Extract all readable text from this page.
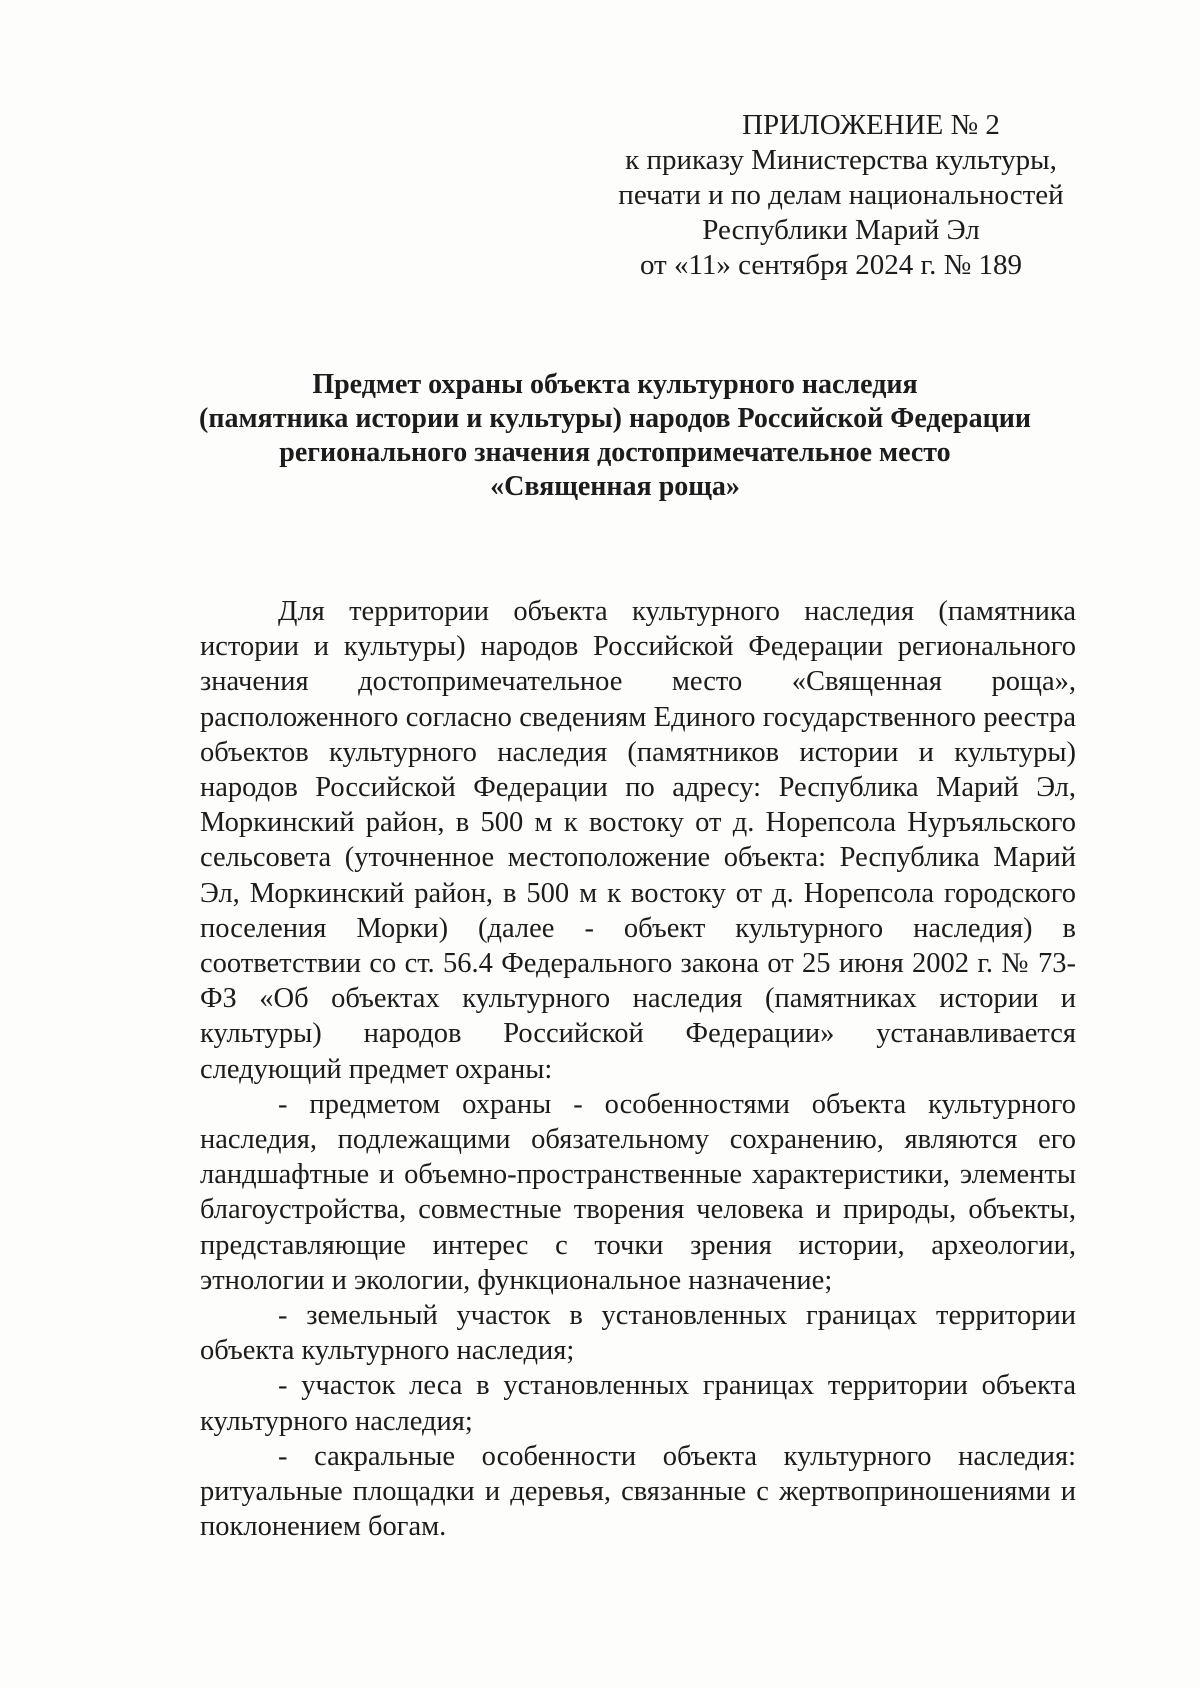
ПРИЛОЖЕНИЕ № 2
к приказу Министерства культуры,
печати и по делам национальностей
Республики Марий Эл
от «11» сентября 2024 г. № 189
Предмет охраны объекта культурного наследия
(памятника истории и культуры) народов Российской Федерации
регионального значения достопримечательное место
«Священная роща»

Для территории объекта культурного наследия (памятника истории и культуры) народов Российской Федерации регионального значения достопримечательное место «Священная роща», расположенного согласно сведениям Единого государственного реестра объектов культурного наследия (памятников истории и культуры) народов Российской Федерации по адресу: Республика Марий Эл, Моркинский район, в 500 м к востоку от д. Норепсола Нуръяльского сельсовета (уточненное местоположение объекта: Республика Марий Эл, Моркинский район, в 500 м к востоку от д. Норепсола городского поселения Морки) (далее - объект культурного наследия) в соответствии со ст. 56.4 Федерального закона от 25 июня 2002 г. № 73-ФЗ «Об объектах культурного наследия (памятниках истории и культуры) народов Российской Федерации» устанавливается следующий предмет охраны:

- предметом охраны - особенностями объекта культурного наследия, подлежащими обязательному сохранению, являются его ландшафтные и объемно-пространственные характеристики, элементы благоустройства, совместные творения человека и природы, объекты, представляющие интерес с точки зрения истории, археологии, этнологии и экологии, функциональное назначение;

- земельный участок в установленных границах территории объекта культурного наследия;

- участок леса в установленных границах территории объекта культурного наследия;

- сакральные особенности объекта культурного наследия: ритуальные площадки и деревья, связанные с жертвоприношениями и поклонением богам.
